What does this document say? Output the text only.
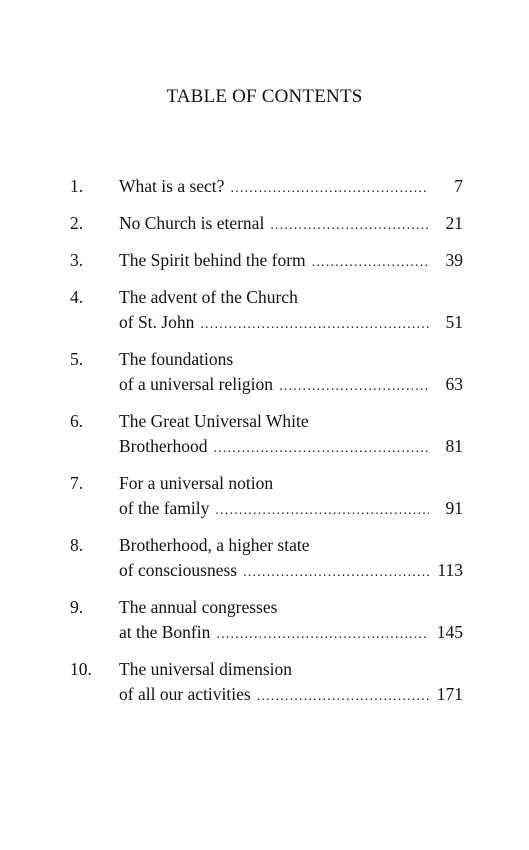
TABLE OF CONTENTS
1.	What is a sect? .....	7
2.	No Church is eternal .....	21
3.	The Spirit behind the form .....	39
4.	The advent of the Church
of St. John .....	51
5.	The foundations
of a universal religion .....	63
6.	The Great Universal White
Brotherhood .....	81
7.	For a universal notion
of the family .....	91
8.	Brotherhood, a higher state
of consciousness .....	113
9.	The annual congresses
at the Bonfin .....	145
10.	The universal dimension
of all our activities .....	171
